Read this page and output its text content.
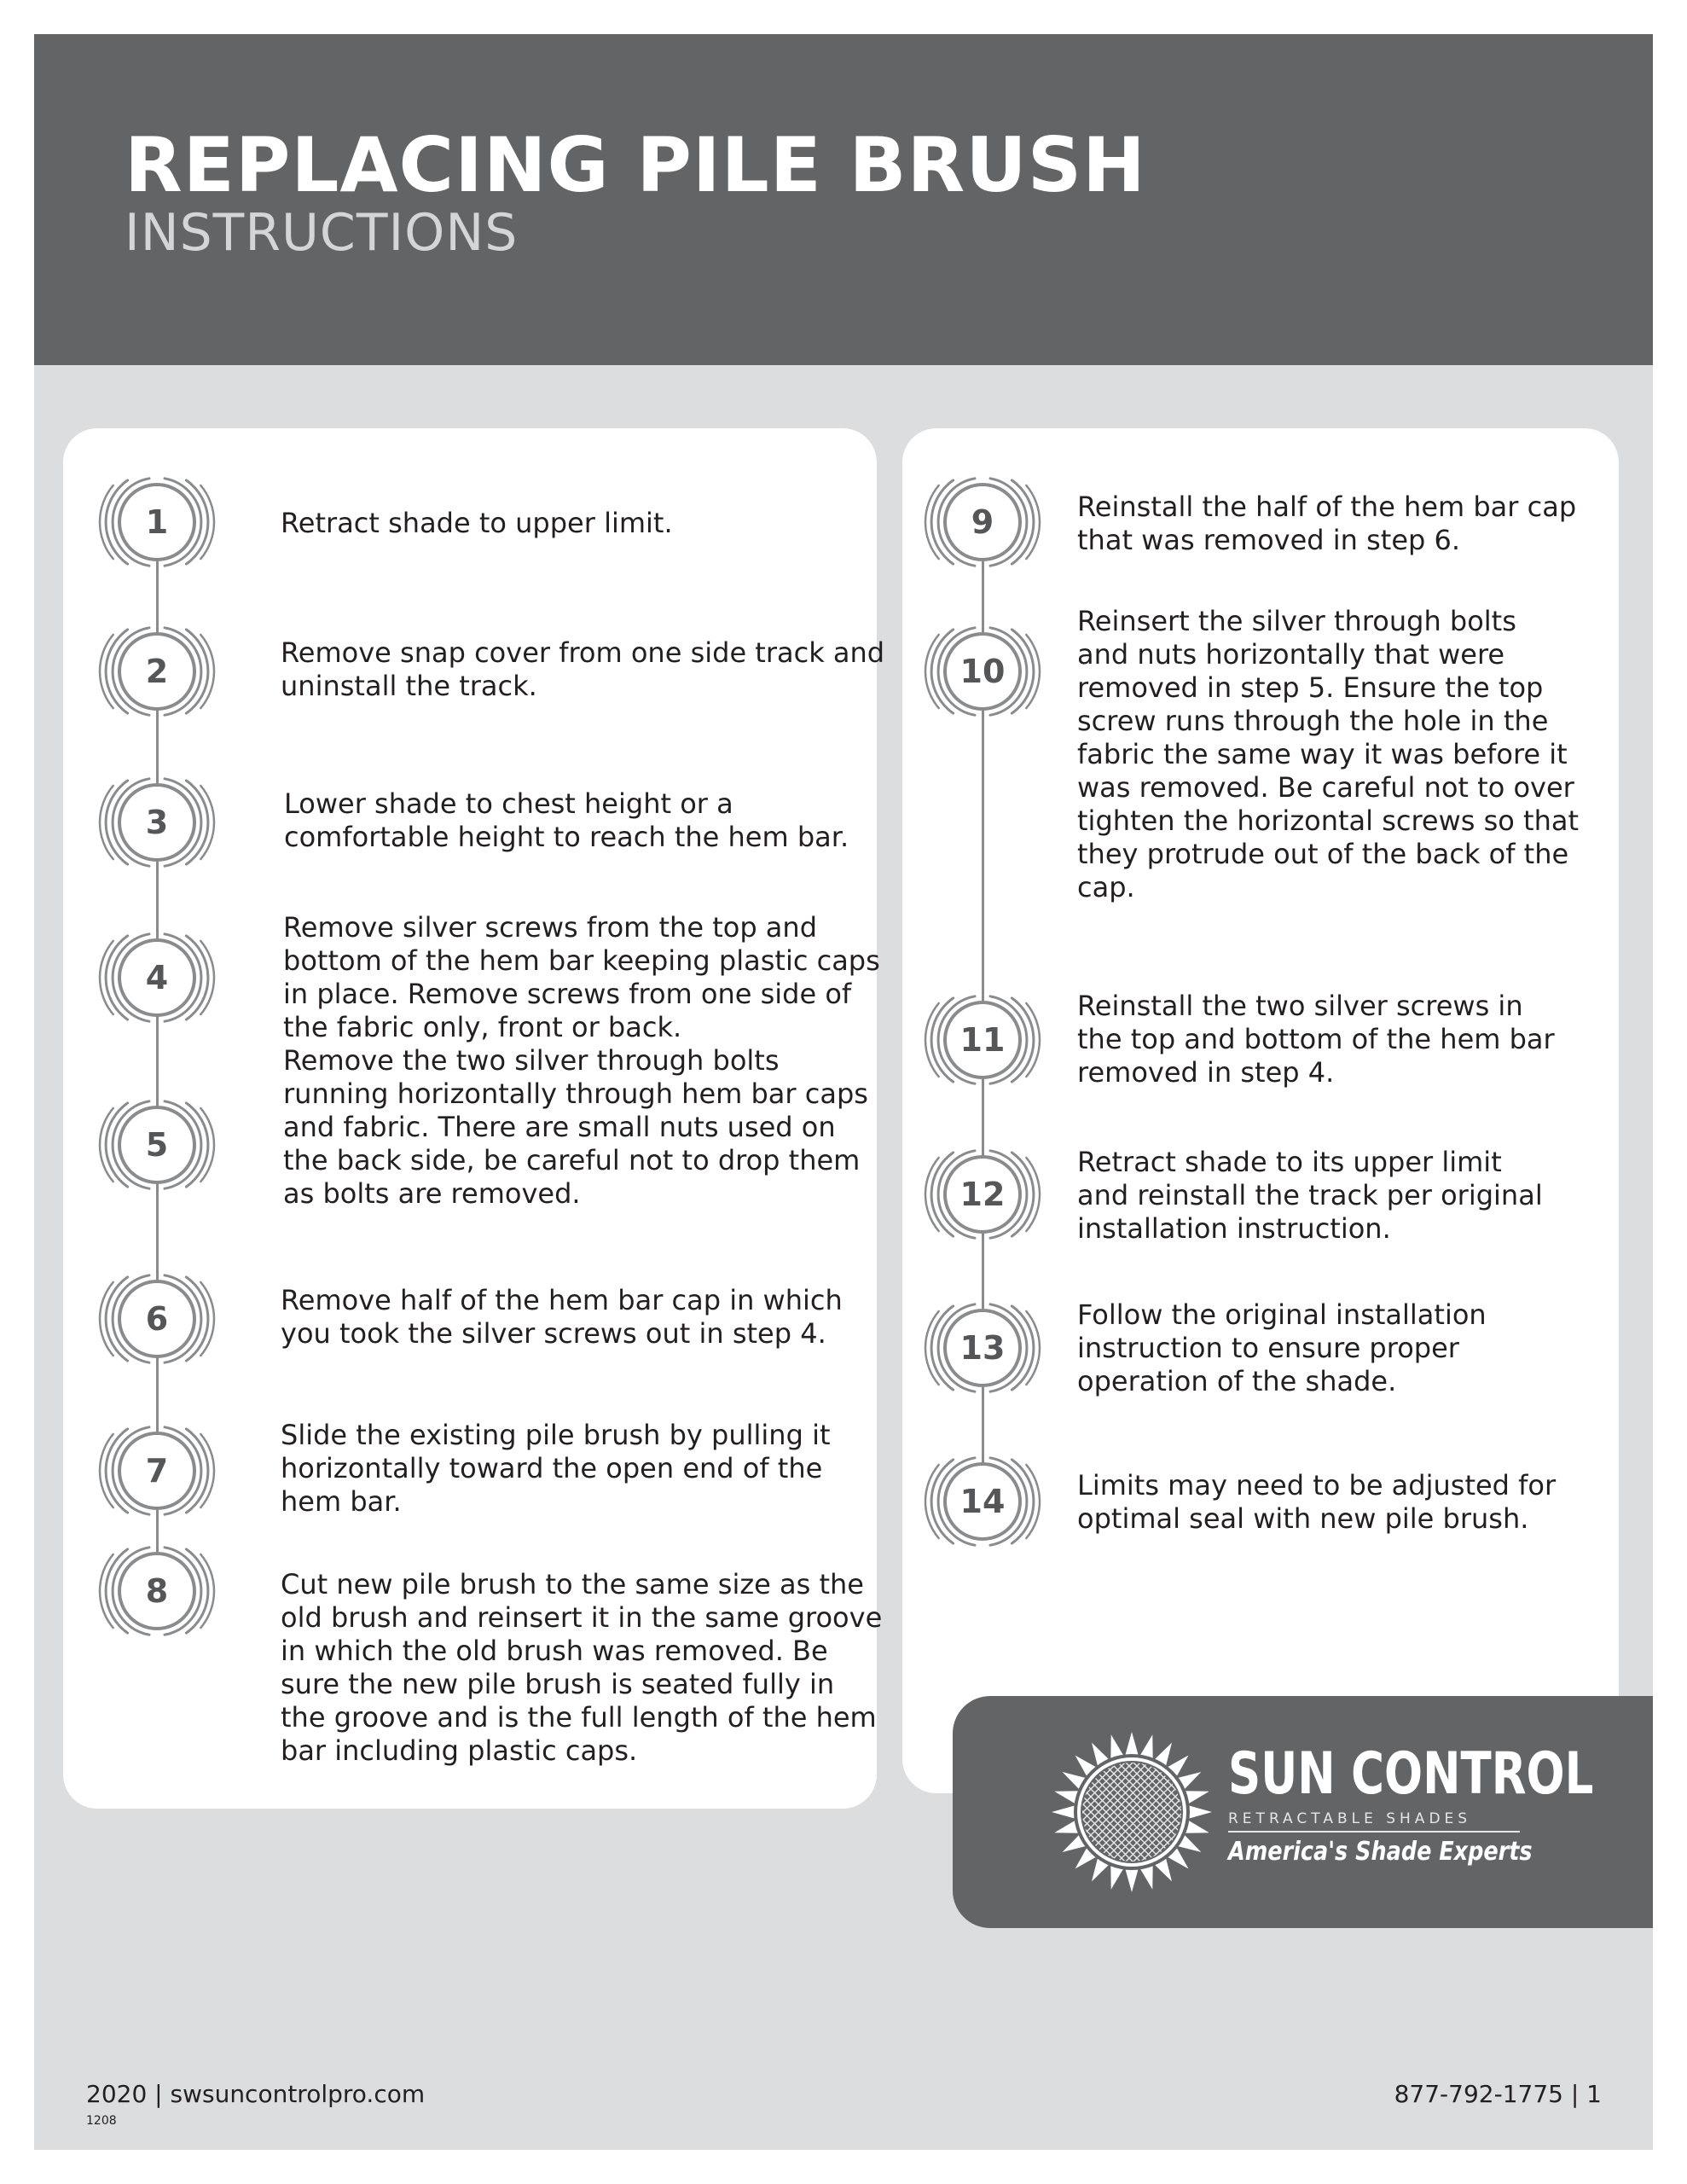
REPLACING PILE BRUSH
INSTRUCTIONS
1	Retract shade to upper limit.
2	Remove snap cover from one side track and
uninstall the track.
3	Lower shade to chest height or a
comfortable height to reach the hem bar.
4
Remove silver screws from the top and
bottom of the hem bar keeping plastic caps
in place. Remove screws from one side of
the fabric only, front or back.
5
Remove the two silver through bolts
running horizontally through hem bar caps
and fabric. There are small nuts used on
the back side, be careful not to drop them
as bolts are removed.
6	Remove half of the hem bar cap in which
you took the silver screws out in step 4.
7
Slide the existing pile brush by pulling it
horizontally toward the open end of the
hem bar.
8	Cut new pile brush to the same size as the
old brush and reinsert it in the same groove
in which the old brush was removed. Be
sure the new pile brush is seated fully in
the groove and is the full length of the hem
bar including plastic caps.
9	Reinstall the half of the hem bar cap
that was removed in step 6.
10
Reinsert the silver through bolts
and nuts horizontally that were
removed in step 5. Ensure the top
screw runs through the hole in the
fabric the same way it was before it
was removed. Be careful not to over
tighten the horizontal screws so that
they protrude out of the back of the
cap.
11
Reinstall the two silver screws in
the top and bottom of the hem bar
removed in step 4.
12
Retract shade to its upper limit
and reinstall the track per original
installation instruction.
13
Follow the original installation
instruction to ensure proper
operation of the shade.
14	Limits may need to be adjusted for
optimal seal with new pile brush.
SUN CONTROL
RETRACTABLE SHADES
America's Shade Experts
2020 | swsuncontrolpro.com
1208
877-792-1775 | 1
